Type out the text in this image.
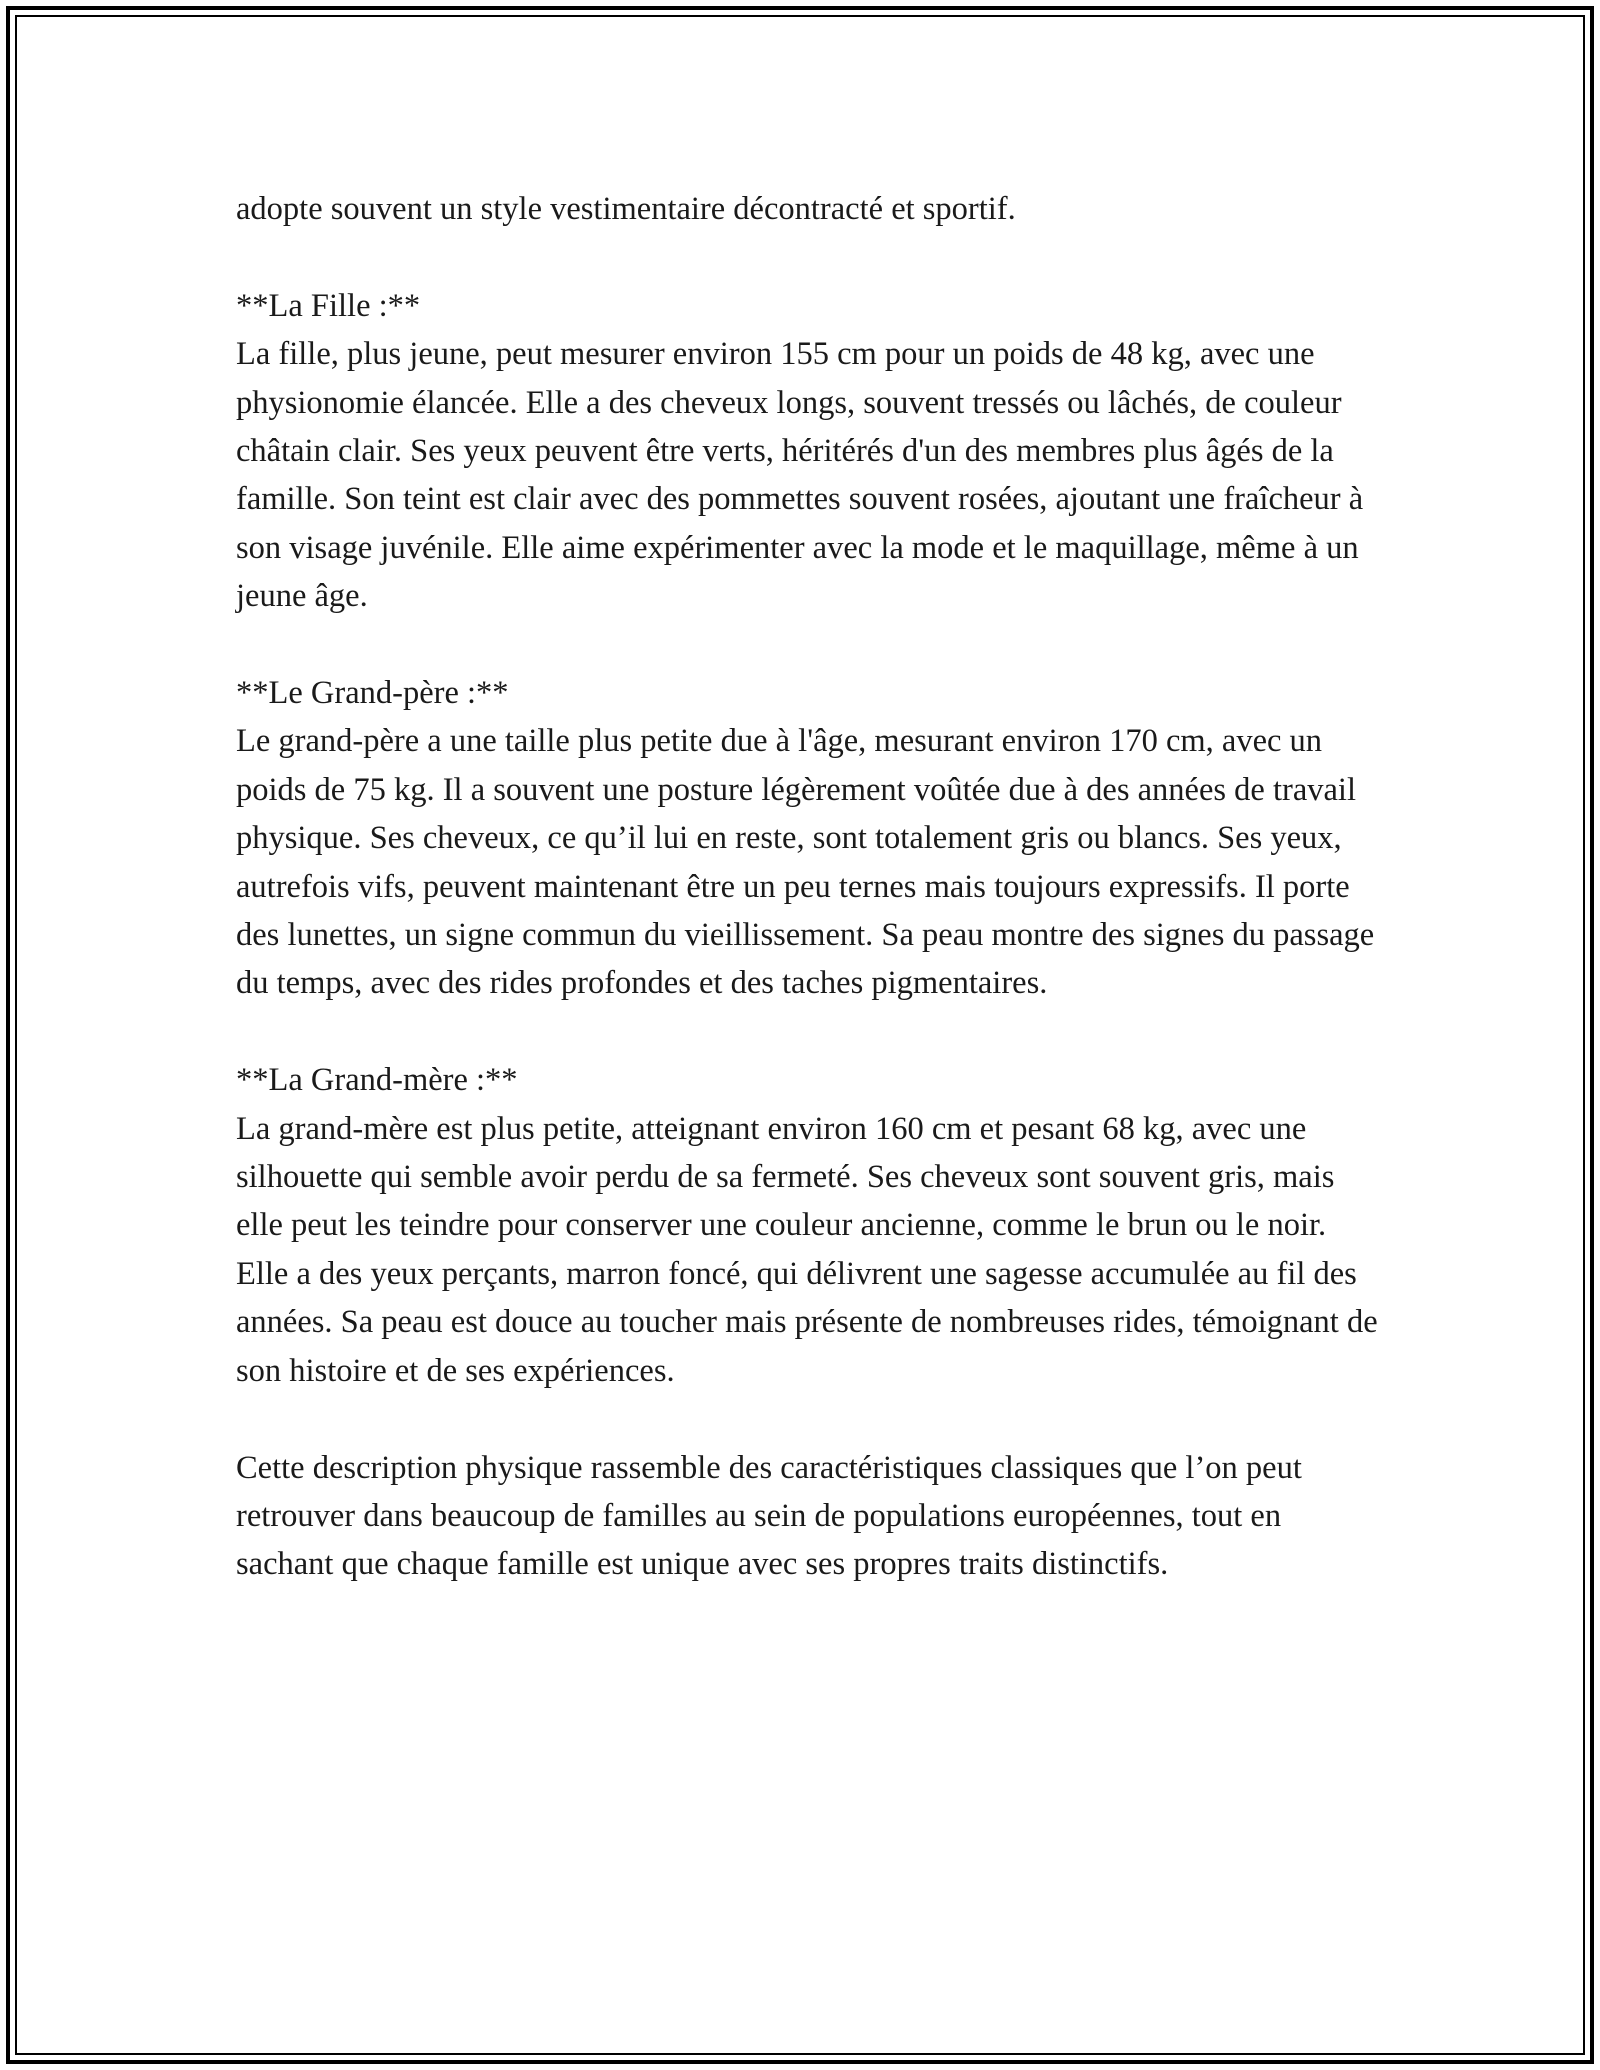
adopte souvent un style vestimentaire décontracté et sportif.

**La Fille :**
La fille, plus jeune, peut mesurer environ 155 cm pour un poids de 48 kg, avec une physionomie élancée. Elle a des cheveux longs, souvent tressés ou lâchés, de couleur châtain clair. Ses yeux peuvent être verts, héritérés d'un des membres plus âgés de la famille. Son teint est clair avec des pommettes souvent rosées, ajoutant une fraîcheur à son visage juvénile. Elle aime expérimenter avec la mode et le maquillage, même à un jeune âge.
**Le Grand-père :**
Le grand-père a une taille plus petite due à l'âge, mesurant environ 170 cm, avec un poids de 75 kg. Il a souvent une posture légèrement voûtée due à des années de travail physique. Ses cheveux, ce qu’il lui en reste, sont totalement gris ou blancs. Ses yeux, autrefois vifs, peuvent maintenant être un peu ternes mais toujours expressifs. Il porte des lunettes, un signe commun du vieillissement. Sa peau montre des signes du passage du temps, avec des rides profondes et des taches pigmentaires.
**La Grand-mère :**
La grand-mère est plus petite, atteignant environ 160 cm et pesant 68 kg, avec une silhouette qui semble avoir perdu de sa fermeté. Ses cheveux sont souvent gris, mais elle peut les teindre pour conserver une couleur ancienne, comme le brun ou le noir. Elle a des yeux perçants, marron foncé, qui délivrent une sagesse accumulée au fil des années. Sa peau est douce au toucher mais présente de nombreuses rides, témoignant de son histoire et de ses expériences.

Cette description physique rassemble des caractéristiques classiques que l’on peut retrouver dans beaucoup de familles au sein de populations européennes, tout en sachant que chaque famille est unique avec ses propres traits distinctifs.
